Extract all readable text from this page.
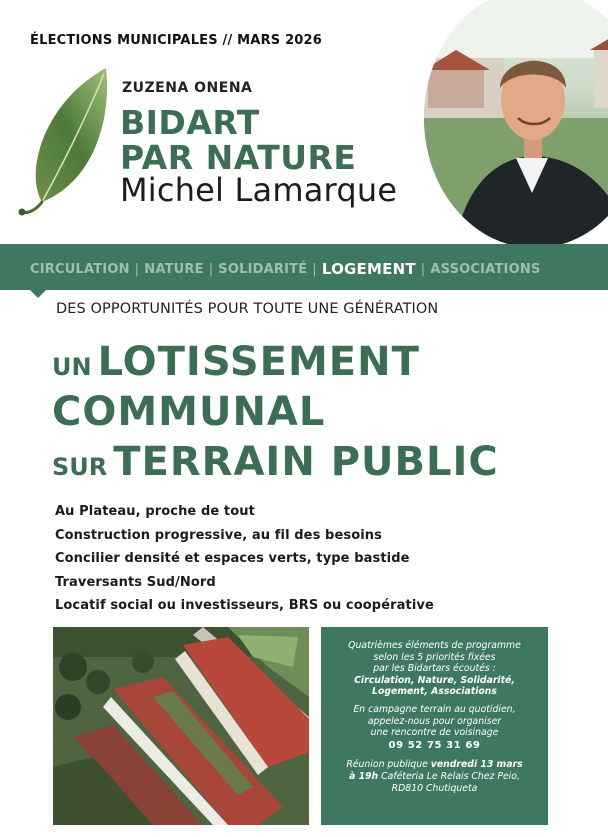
ÉLECTIONS MUNICIPALES // MARS 2026
ZUZENA ONENA
BIDART
PAR NATURE
Michel Lamarque
CIRCULATION | NATURE | SOLIDARITÉ | LOGEMENT | ASSOCIATIONS
DES OPPORTUNITÉS POUR TOUTE UNE GÉNÉRATION
UN LOTISSEMENT
COMMUNAL
SUR TERRAIN PUBLIC
Au Plateau, proche de tout
Construction progressive, au fil des besoins
Concilier densité et espaces verts, type bastide
Traversants Sud/Nord
Locatif social ou investisseurs, BRS ou coopérative

Quatrièmes éléments de programme

selon les 5 priorités fixées

par les Bidartars écoutés :

Circulation, Nature, Solidarité,

Logement, Associations

En campagne terrain au quotidien,

appelez-nous pour organiser

une rencontre de voisinage

09 52 75 31 69

Réunion publique vendredi 13 mars

à 19h Caféteria Le Relais Chez Peio,

RD810 Chutiqueta
